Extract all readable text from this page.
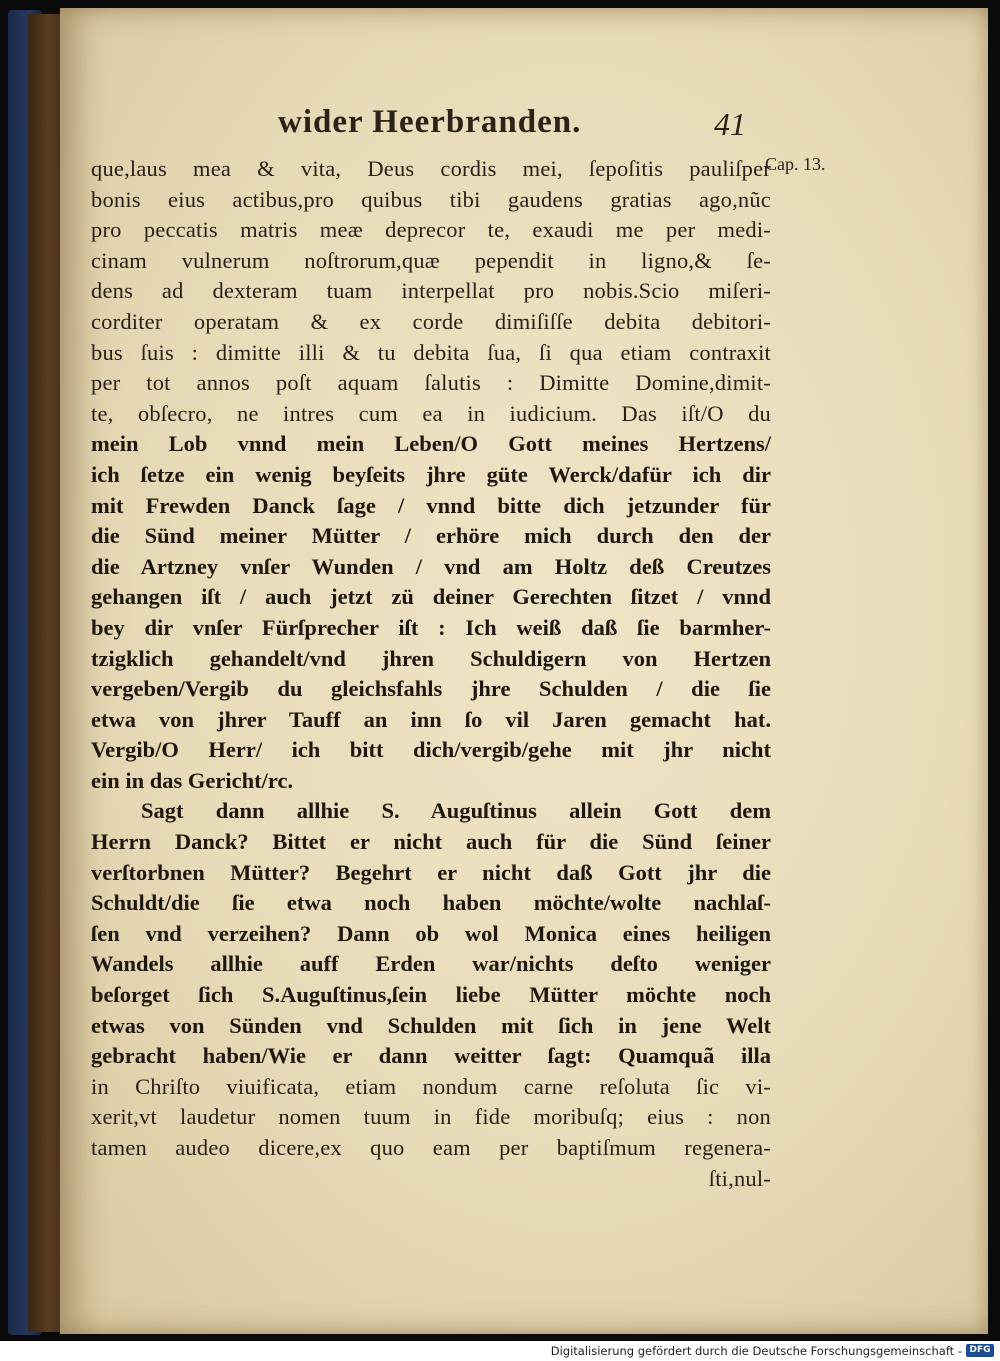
wider Heerbranden.	41
Cap. 13.
que,laus mea & vita, Deus cordis mei, ſepoſitis pauliſper
bonis eius actibus,pro quibus tibi gaudens gratias ago,nũc
pro peccatis matris meæ deprecor te, exaudi me per medi-
cinam vulnerum noſtrorum,quæ pependit in ligno,& ſe-
dens ad dexteram tuam interpellat pro nobis.Scio miſeri-
corditer operatam & ex corde dimiſiſſe debita debitori-
bus ſuis : dimitte illi & tu debita ſua, ſi qua etiam contraxit
per tot annos poſt aquam ſalutis : Dimitte Domine,dimit-
te, obſecro, ne intres cum ea in iudicium. Das iſt/O du
mein Lob vnnd mein Leben/O Gott meines Hertzens/
ich ſetze ein wenig beyſeits jhre güte Werck/dafür ich dir
mit Frewden Danck ſage / vnnd bitte dich jetzunder für
die Sünd meiner Mütter / erhöre mich durch den der
die Artzney vnſer Wunden / vnd am Holtz deß Creutzes
gehangen iſt / auch jetzt zü deiner Gerechten ſitzet / vnnd
bey dir vnſer Fürſprecher iſt : Ich weiß daß ſie barmher-
tzigklich gehandelt/vnd jhren Schuldigern von Hertzen
vergeben/Vergib du gleichsfahls jhre Schulden / die ſie
etwa von jhrer Tauff an inn ſo vil Jaren gemacht hat.
Vergib/O Herr/ ich bitt dich/vergib/gehe mit jhr nicht
ein in das Gericht/rc.
Sagt dann allhie S. Auguſtinus allein Gott dem
Herrn Danck? Bittet er nicht auch für die Sünd ſeiner
verſtorbnen Mütter? Begehrt er nicht daß Gott jhr die
Schuldt/die ſie etwa noch haben möchte/wolte nachlaſ-
ſen vnd verzeihen? Dann ob wol Monica eines heiligen
Wandels allhie auff Erden war/nichts deſto weniger
beſorget ſich S.Auguſtinus,ſein liebe Mütter möchte noch
etwas von Sünden vnd Schulden mit ſich in jene Welt
gebracht haben/Wie er dann weitter ſagt: Quamquã illa
in Chriſto viuificata, etiam nondum carne reſoluta ſic vi-
xerit,vt laudetur nomen tuum in fide moribuſq; eius : non
tamen audeo dicere,ex quo eam per baptiſmum regenera-
ſti,nul-
Digitalisierung gefördert durch die Deutsche Forschungsgemeinschaft - DFG
